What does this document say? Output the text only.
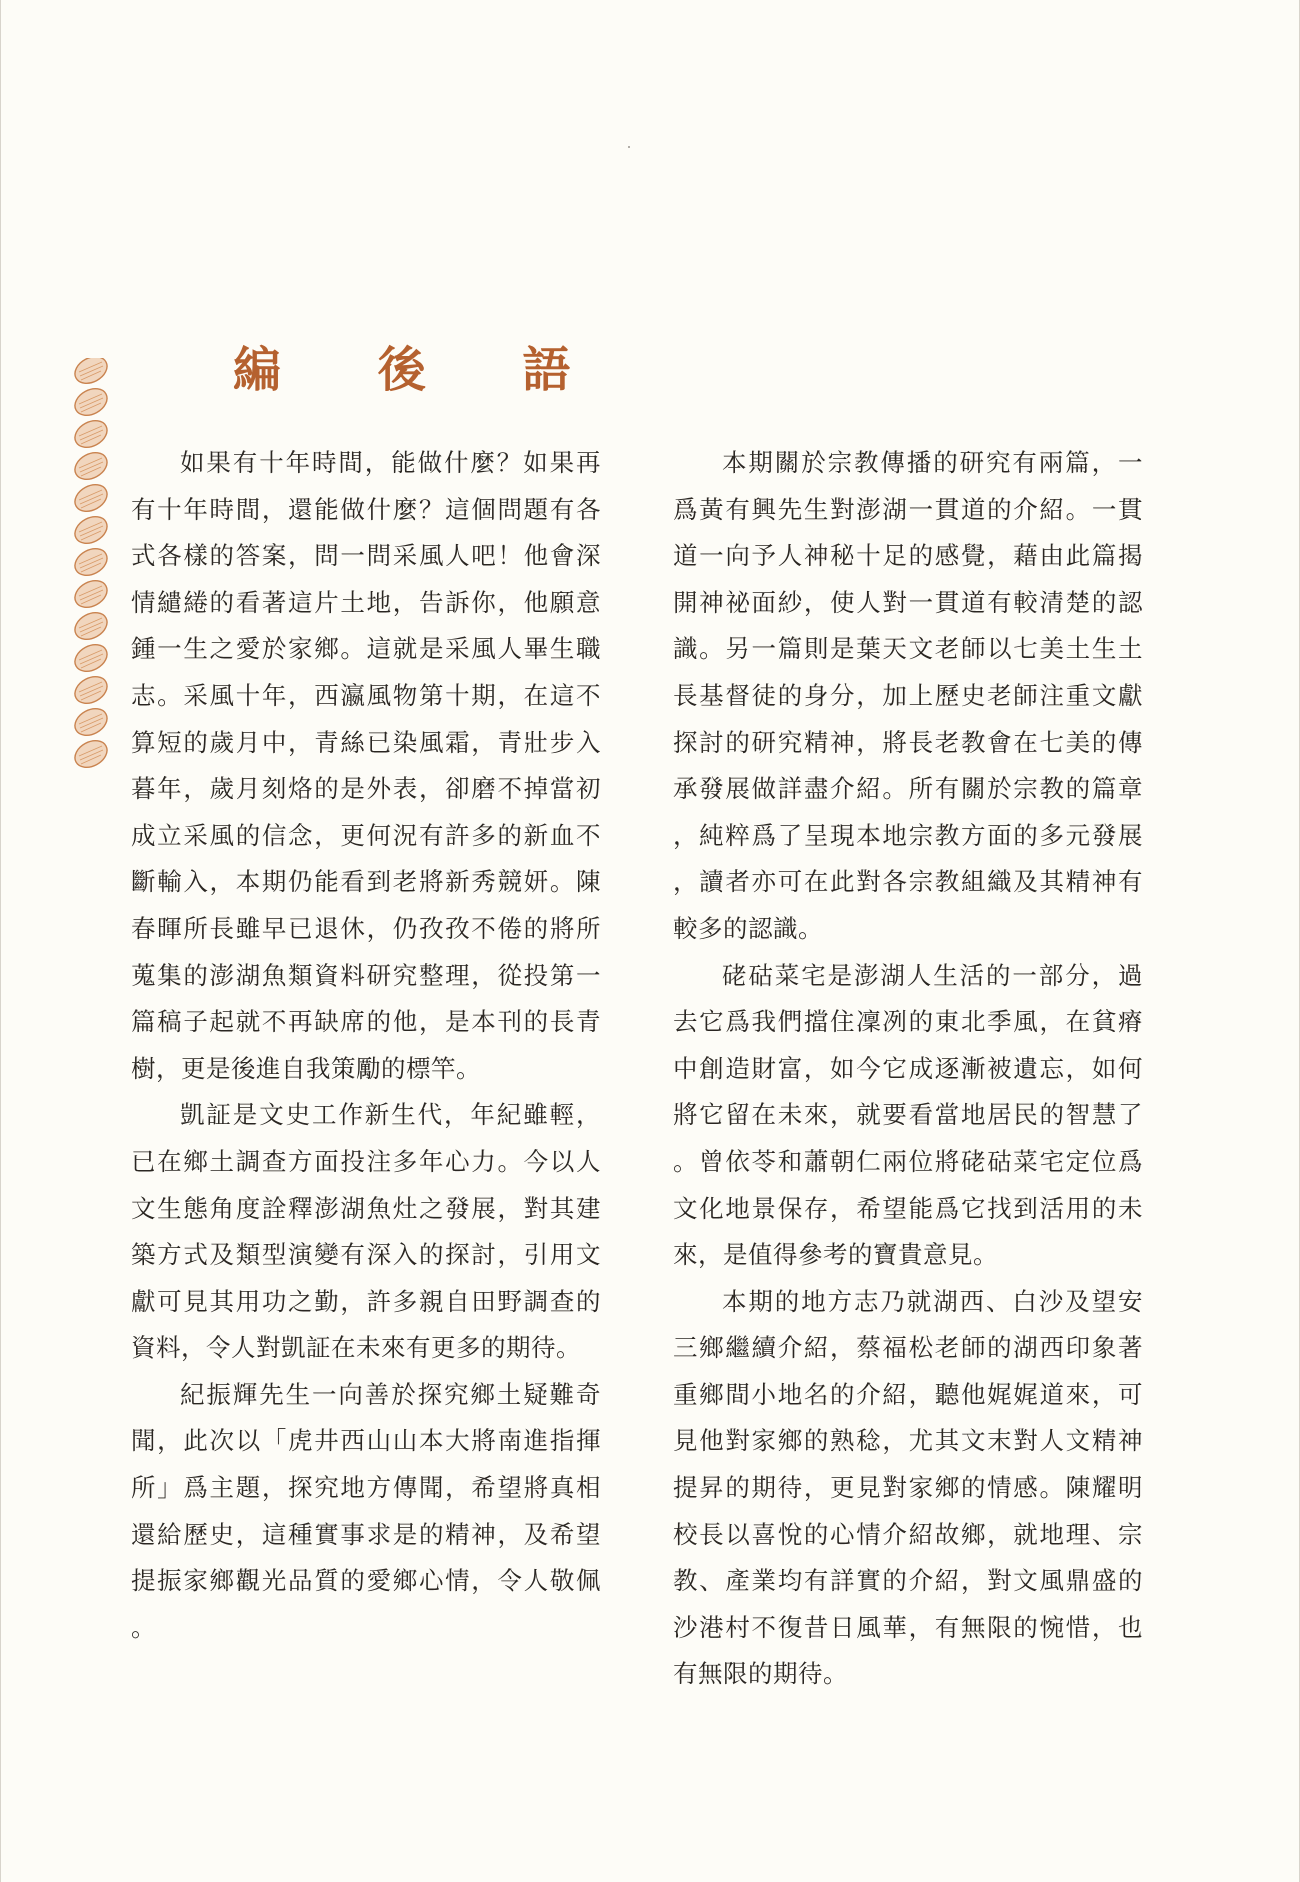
編 後 語

如果有十年時間，能做什麼？如果再有十年時間，還能做什麼？這個問題有各式各樣的答案，問一問采風人吧！他會深情繾綣的看著這片土地，告訴你，他願意鍾一生之愛於家鄉。這就是采風人畢生職志。采風十年，西瀛風物第十期，在這不算短的歲月中，青絲已染風霜，青壯步入暮年，歲月刻烙的是外表，卻磨不掉當初成立采風的信念，更何況有許多的新血不斷輸入，本期仍能看到老將新秀競妍。陳春暉所長雖早已退休，仍孜孜不倦的將所蒐集的澎湖魚類資料研究整理，從投第一篇稿子起就不再缺席的他，是本刊的長青樹，更是後進自我策勵的標竿。

凱証是文史工作新生代，年紀雖輕，已在鄉土調查方面投注多年心力。今以人文生態角度詮釋澎湖魚灶之發展，對其建築方式及類型演變有深入的探討，引用文獻可見其用功之勤，許多親自田野調查的資料，令人對凱証在未來有更多的期待。

紀振輝先生一向善於探究鄉土疑難奇聞，此次以「虎井西山山本大將南進指揮所」爲主題，探究地方傳聞，希望將真相還給歷史，這種實事求是的精神，及希望提振家鄉觀光品質的愛鄉心情，令人敬佩。

本期關於宗教傳播的研究有兩篇，一爲黃有興先生對澎湖一貫道的介紹。一貫道一向予人神秘十足的感覺，藉由此篇揭開神祕面紗，使人對一貫道有較清楚的認識。另一篇則是葉天文老師以七美土生土長基督徒的身分，加上歷史老師注重文獻探討的研究精神，將長老教會在七美的傳承發展做詳盡介紹。所有關於宗教的篇章，純粹爲了呈現本地宗教方面的多元發展，讀者亦可在此對各宗教組織及其精神有較多的認識。

硓𥑮菜宅是澎湖人生活的一部分，過去它爲我們擋住凜冽的東北季風，在貧瘠中創造財富，如今它成逐漸被遺忘，如何將它留在未來，就要看當地居民的智慧了。曾依苓和蕭朝仁兩位將硓𥑮菜宅定位爲文化地景保存，希望能爲它找到活用的未來，是值得參考的寶貴意見。

本期的地方志乃就湖西、白沙及望安三鄉繼續介紹，蔡福松老師的湖西印象著重鄉間小地名的介紹，聽他娓娓道來，可見他對家鄉的熟稔，尤其文末對人文精神提昇的期待，更見對家鄉的情感。陳耀明校長以喜悅的心情介紹故鄉，就地理、宗教、產業均有詳實的介紹，對文風鼎盛的沙港村不復昔日風華，有無限的惋惜，也有無限的期待。
